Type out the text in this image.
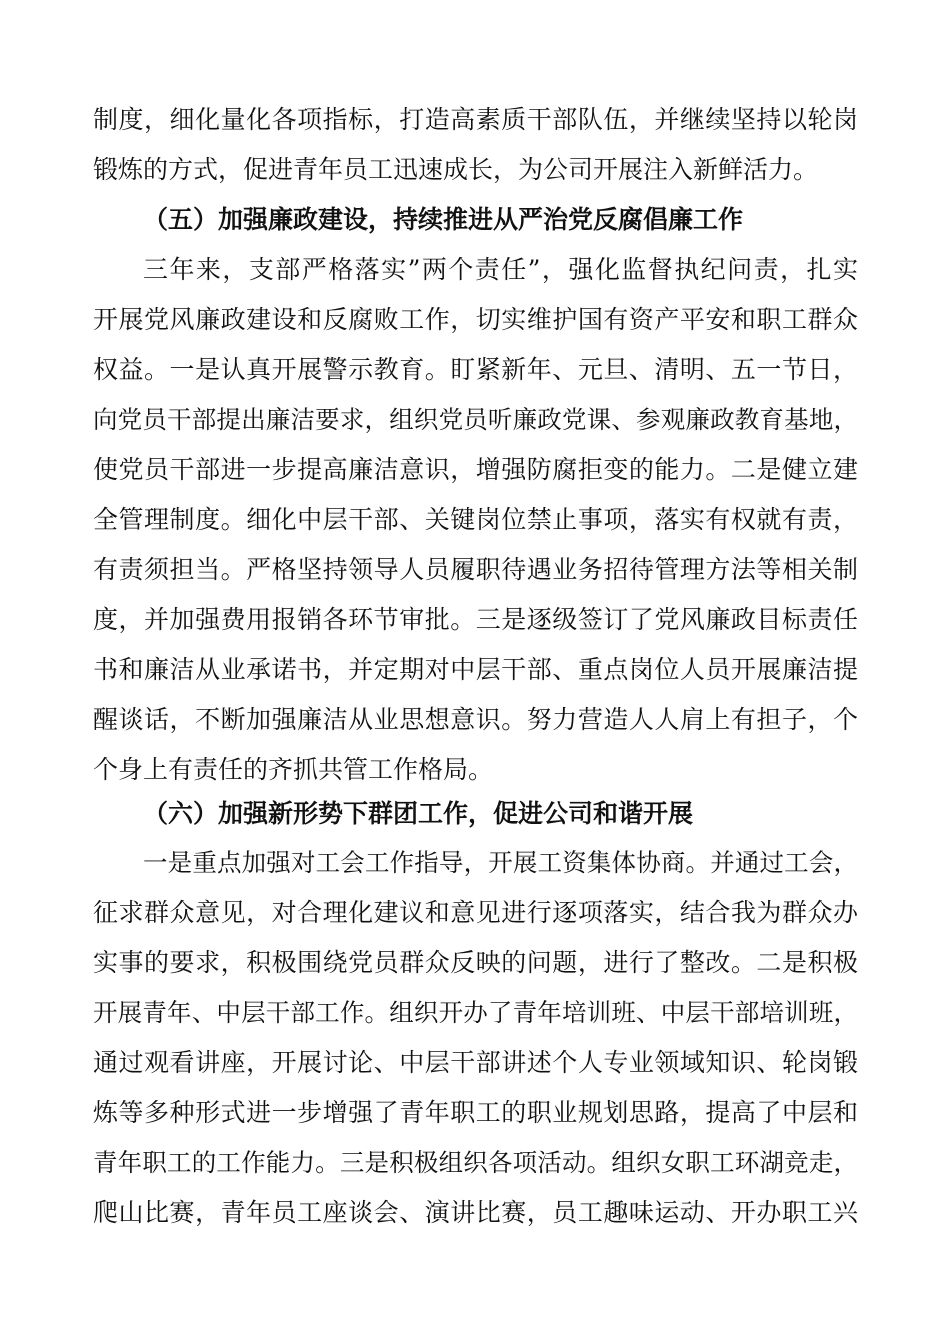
制度，细化量化各项指标，打造高素质干部队伍，并继续坚持以轮岗
锻炼的方式，促进青年员工迅速成长，为公司开展注入新鲜活力。
（五）加强廉政建设，持续推进从严治党反腐倡廉工作
三年来，支部严格落实”两个责任”，强化监督执纪问责，扎实
开展党风廉政建设和反腐败工作，切实维护国有资产平安和职工群众
权益。一是认真开展警示教育。盯紧新年、元旦、清明、五一节日，
向党员干部提出廉洁要求，组织党员听廉政党课、参观廉政教育基地，
使党员干部进一步提高廉洁意识，增强防腐拒变的能力。二是健立建
全管理制度。细化中层干部、关键岗位禁止事项，落实有权就有责，
有责须担当。严格坚持领导人员履职待遇业务招待管理方法等相关制
度，并加强费用报销各环节审批。三是逐级签订了党风廉政目标责任
书和廉洁从业承诺书，并定期对中层干部、重点岗位人员开展廉洁提
醒谈话，不断加强廉洁从业思想意识。努力营造人人肩上有担子，个
个身上有责任的齐抓共管工作格局。
（六）加强新形势下群团工作，促进公司和谐开展
一是重点加强对工会工作指导，开展工资集体协商。并通过工会，
征求群众意见，对合理化建议和意见进行逐项落实，结合我为群众办
实事的要求，积极围绕党员群众反映的问题，进行了整改。二是积极
开展青年、中层干部工作。组织开办了青年培训班、中层干部培训班，
通过观看讲座，开展讨论、中层干部讲述个人专业领域知识、轮岗锻
炼等多种形式进一步增强了青年职工的职业规划思路，提高了中层和
青年职工的工作能力。三是积极组织各项活动。组织女职工环湖竞走，
爬山比赛，青年员工座谈会、演讲比赛，员工趣味运动、开办职工兴
